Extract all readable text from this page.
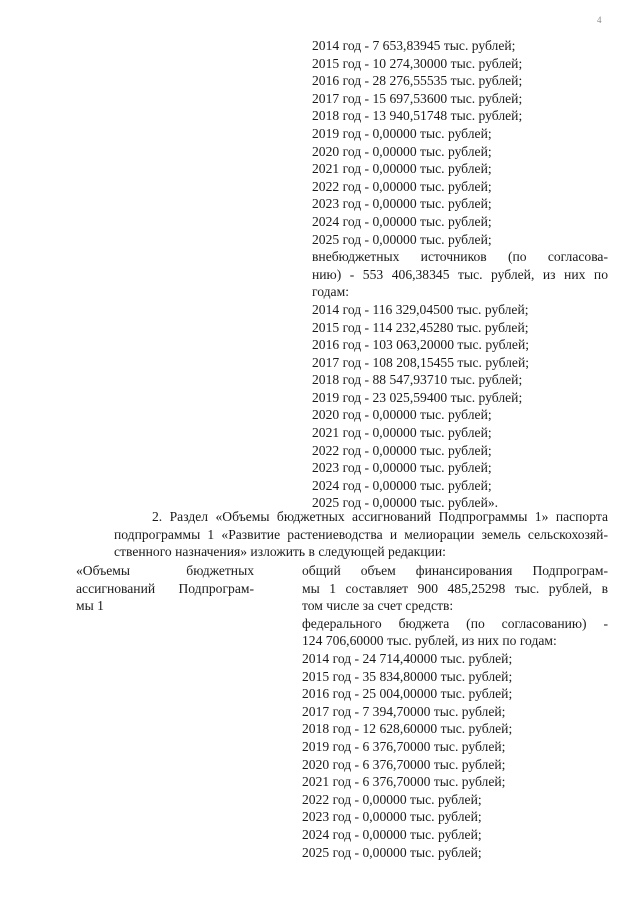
4
2014 год - 7 653,83945 тыс. рублей;
2015 год - 10 274,30000 тыс. рублей;
2016 год - 28 276,55535 тыс. рублей;
2017 год - 15 697,53600 тыс. рублей;
2018 год - 13 940,51748 тыс. рублей;
2019 год - 0,00000 тыс. рублей;
2020 год - 0,00000 тыс. рублей;
2021 год - 0,00000 тыс. рублей;
2022 год - 0,00000 тыс. рублей;
2023 год - 0,00000 тыс. рублей;
2024 год - 0,00000 тыс. рублей;
2025 год - 0,00000 тыс. рублей;
внебюджетных источников (по согласова-
нию) - 553 406,38345 тыс. рублей, из них по
годам:
2014 год - 116 329,04500 тыс. рублей;
2015 год - 114 232,45280 тыс. рублей;
2016 год - 103 063,20000 тыс. рублей;
2017 год - 108 208,15455 тыс. рублей;
2018 год - 88 547,93710 тыс. рублей;
2019 год - 23 025,59400 тыс. рублей;
2020 год - 0,00000 тыс. рублей;
2021 год - 0,00000 тыс. рублей;
2022 год - 0,00000 тыс. рублей;
2023 год - 0,00000 тыс. рублей;
2024 год - 0,00000 тыс. рублей;
2025 год - 0,00000 тыс. рублей».
2. Раздел «Объемы бюджетных ассигнований Подпрограммы 1» паспорта
подпрограммы 1 «Развитие растениеводства и мелиорации земель сельскохозяй-
ственного назначения» изложить в следующей редакции:
«Объемы бюджетных
ассигнований Подпрограм-
мы 1
общий объем финансирования Подпрограм-
мы 1 составляет 900 485,25298 тыс. рублей, в
том числе за счет средств:
федерального бюджета (по согласованию) -
124 706,60000 тыс. рублей, из них по годам:
2014 год - 24 714,40000 тыс. рублей;
2015 год - 35 834,80000 тыс. рублей;
2016 год - 25 004,00000 тыс. рублей;
2017 год - 7 394,70000 тыс. рублей;
2018 год - 12 628,60000 тыс. рублей;
2019 год - 6 376,70000 тыс. рублей;
2020 год - 6 376,70000 тыс. рублей;
2021 год - 6 376,70000 тыс. рублей;
2022 год - 0,00000 тыс. рублей;
2023 год - 0,00000 тыс. рублей;
2024 год - 0,00000 тыс. рублей;
2025 год - 0,00000 тыс. рублей;
